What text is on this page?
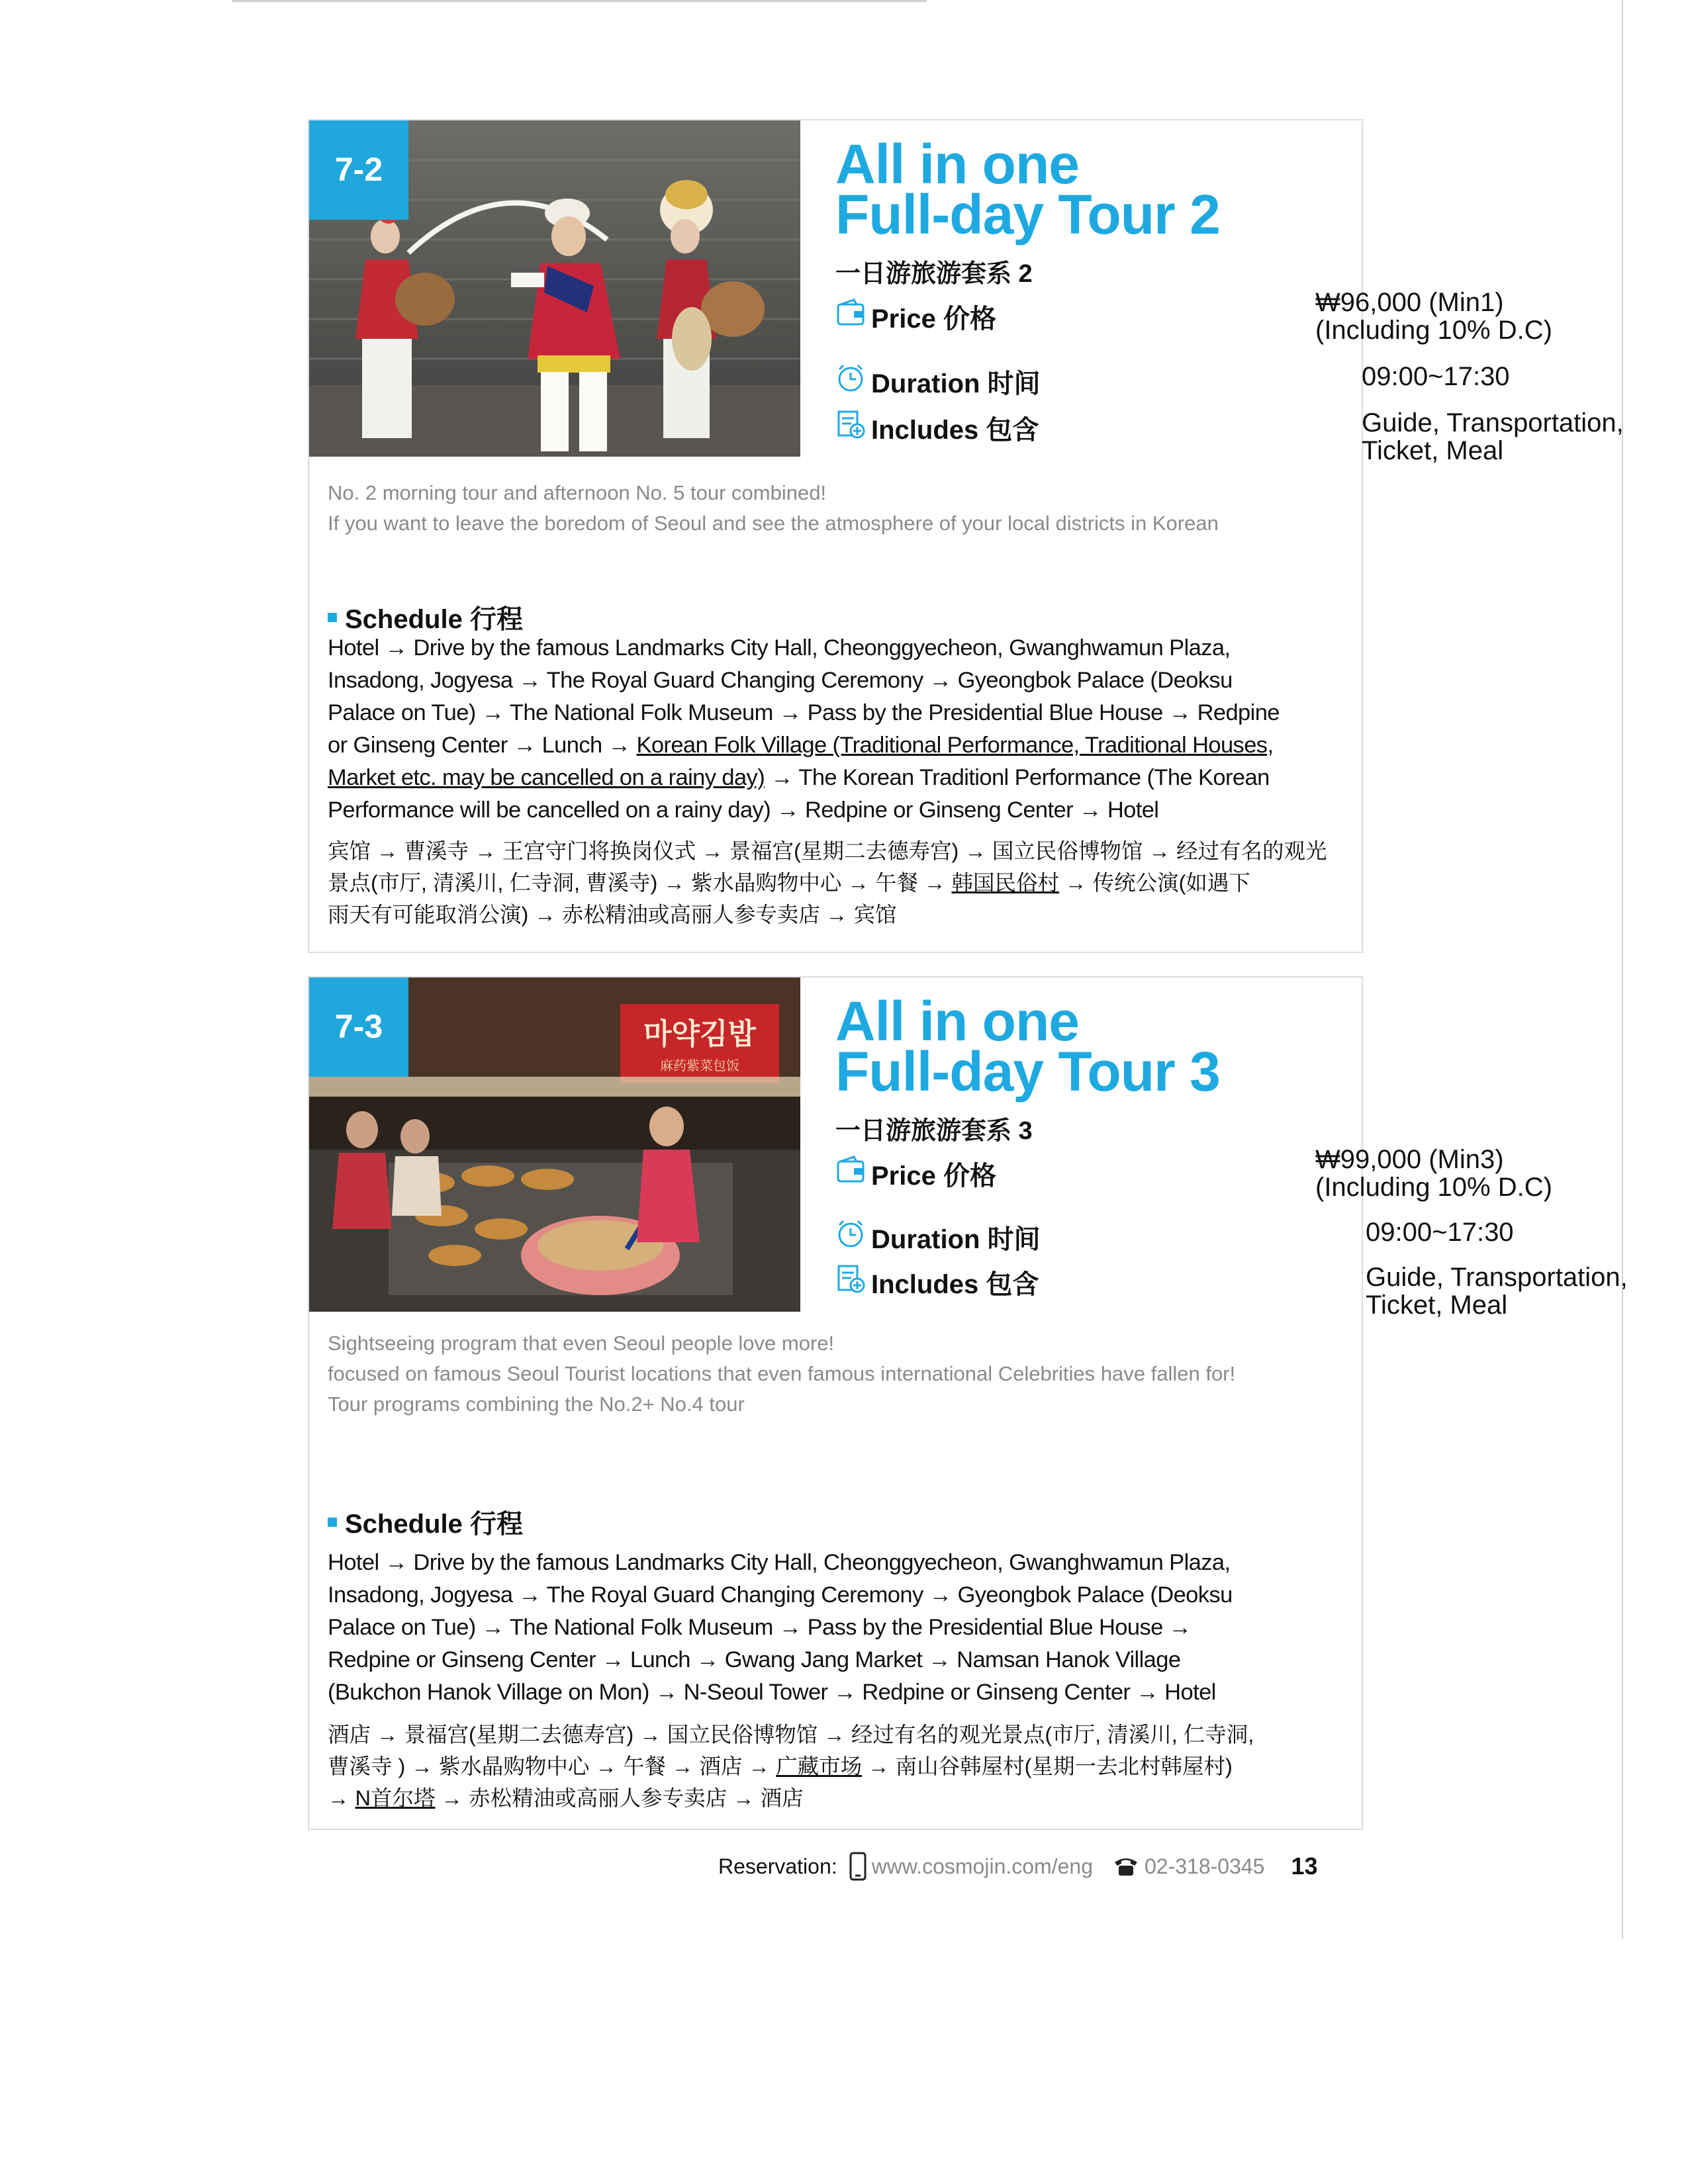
7-2	All in one
Full-day Tour 2
一日游旅游套系 2
Price 价格
₩96,000 (Min1)
(Including 10% D.C)
Duration 时间	09:00~17:30
Includes 包含	Guide, Transportation,
Ticket, Meal
No. 2 morning tour and afternoon No. 5 tour combined!
If you want to leave the boredom of Seoul and see the atmosphere of your local districts in Korean
Schedule 行程
Hotel → Drive by the famous Landmarks City Hall, Cheonggyecheon, Gwanghwamun Plaza,
Insadong, Jogyesa → The Royal Guard Changing Ceremony → Gyeongbok Palace (Deoksu
Palace on Tue) → The National Folk Museum → Pass by the Presidential Blue House → Redpine
or Ginseng Center → Lunch → Korean Folk Village (Traditional Performance, Traditional Houses,
Market etc. may be cancelled on a rainy day) → The Korean Traditionl Performance (The Korean
Performance will be cancelled on a rainy day) → Redpine or Ginseng Center → Hotel
宾馆 → 曹溪寺 → 王宫守门将换岗仪式 → 景福宫(星期二去德寿宫) → 国立民俗博物馆 → 经过有名的观光
景点(市厅, 清溪川, 仁寺洞, 曹溪寺) → 紫水晶购物中心 → 午餐 → 韩国民俗村 → 传统公演(如遇下
雨天有可能取消公演) → 赤松精油或高丽人参专卖店 → 宾馆
마약김밥
麻药紫菜包饭
7-3	All in one
Full-day Tour 3
一日游旅游套系 3
Price 价格
₩99,000 (Min3)
(Including 10% D.C)
Duration 时间	09:00~17:30
Includes 包含	Guide, Transportation,
Ticket, Meal
Sightseeing program that even Seoul people love more!
focused on famous Seoul Tourist locations that even famous international Celebrities have fallen for!
Tour programs combining the No.2+ No.4 tour
Schedule 行程
Hotel → Drive by the famous Landmarks City Hall, Cheonggyecheon, Gwanghwamun Plaza,
Insadong, Jogyesa → The Royal Guard Changing Ceremony → Gyeongbok Palace (Deoksu
Palace on Tue) → The National Folk Museum → Pass by the Presidential Blue House →
Redpine or Ginseng Center → Lunch → Gwang Jang Market → Namsan Hanok Village
(Bukchon Hanok Village on Mon) → N-Seoul Tower → Redpine or Ginseng Center → Hotel
酒店 → 景福宫(星期二去德寿宫) → 国立民俗博物馆 → 经过有名的观光景点(市厅, 清溪川, 仁寺洞,
曹溪寺 ) → 紫水晶购物中心 → 午餐 → 酒店 → 广藏市场 → 南山谷韩屋村(星期一去北村韩屋村)
→ N首尔塔 → 赤松精油或高丽人参专卖店 → 酒店
Reservation: www.cosmojin.com/eng 02-318-0345 13
